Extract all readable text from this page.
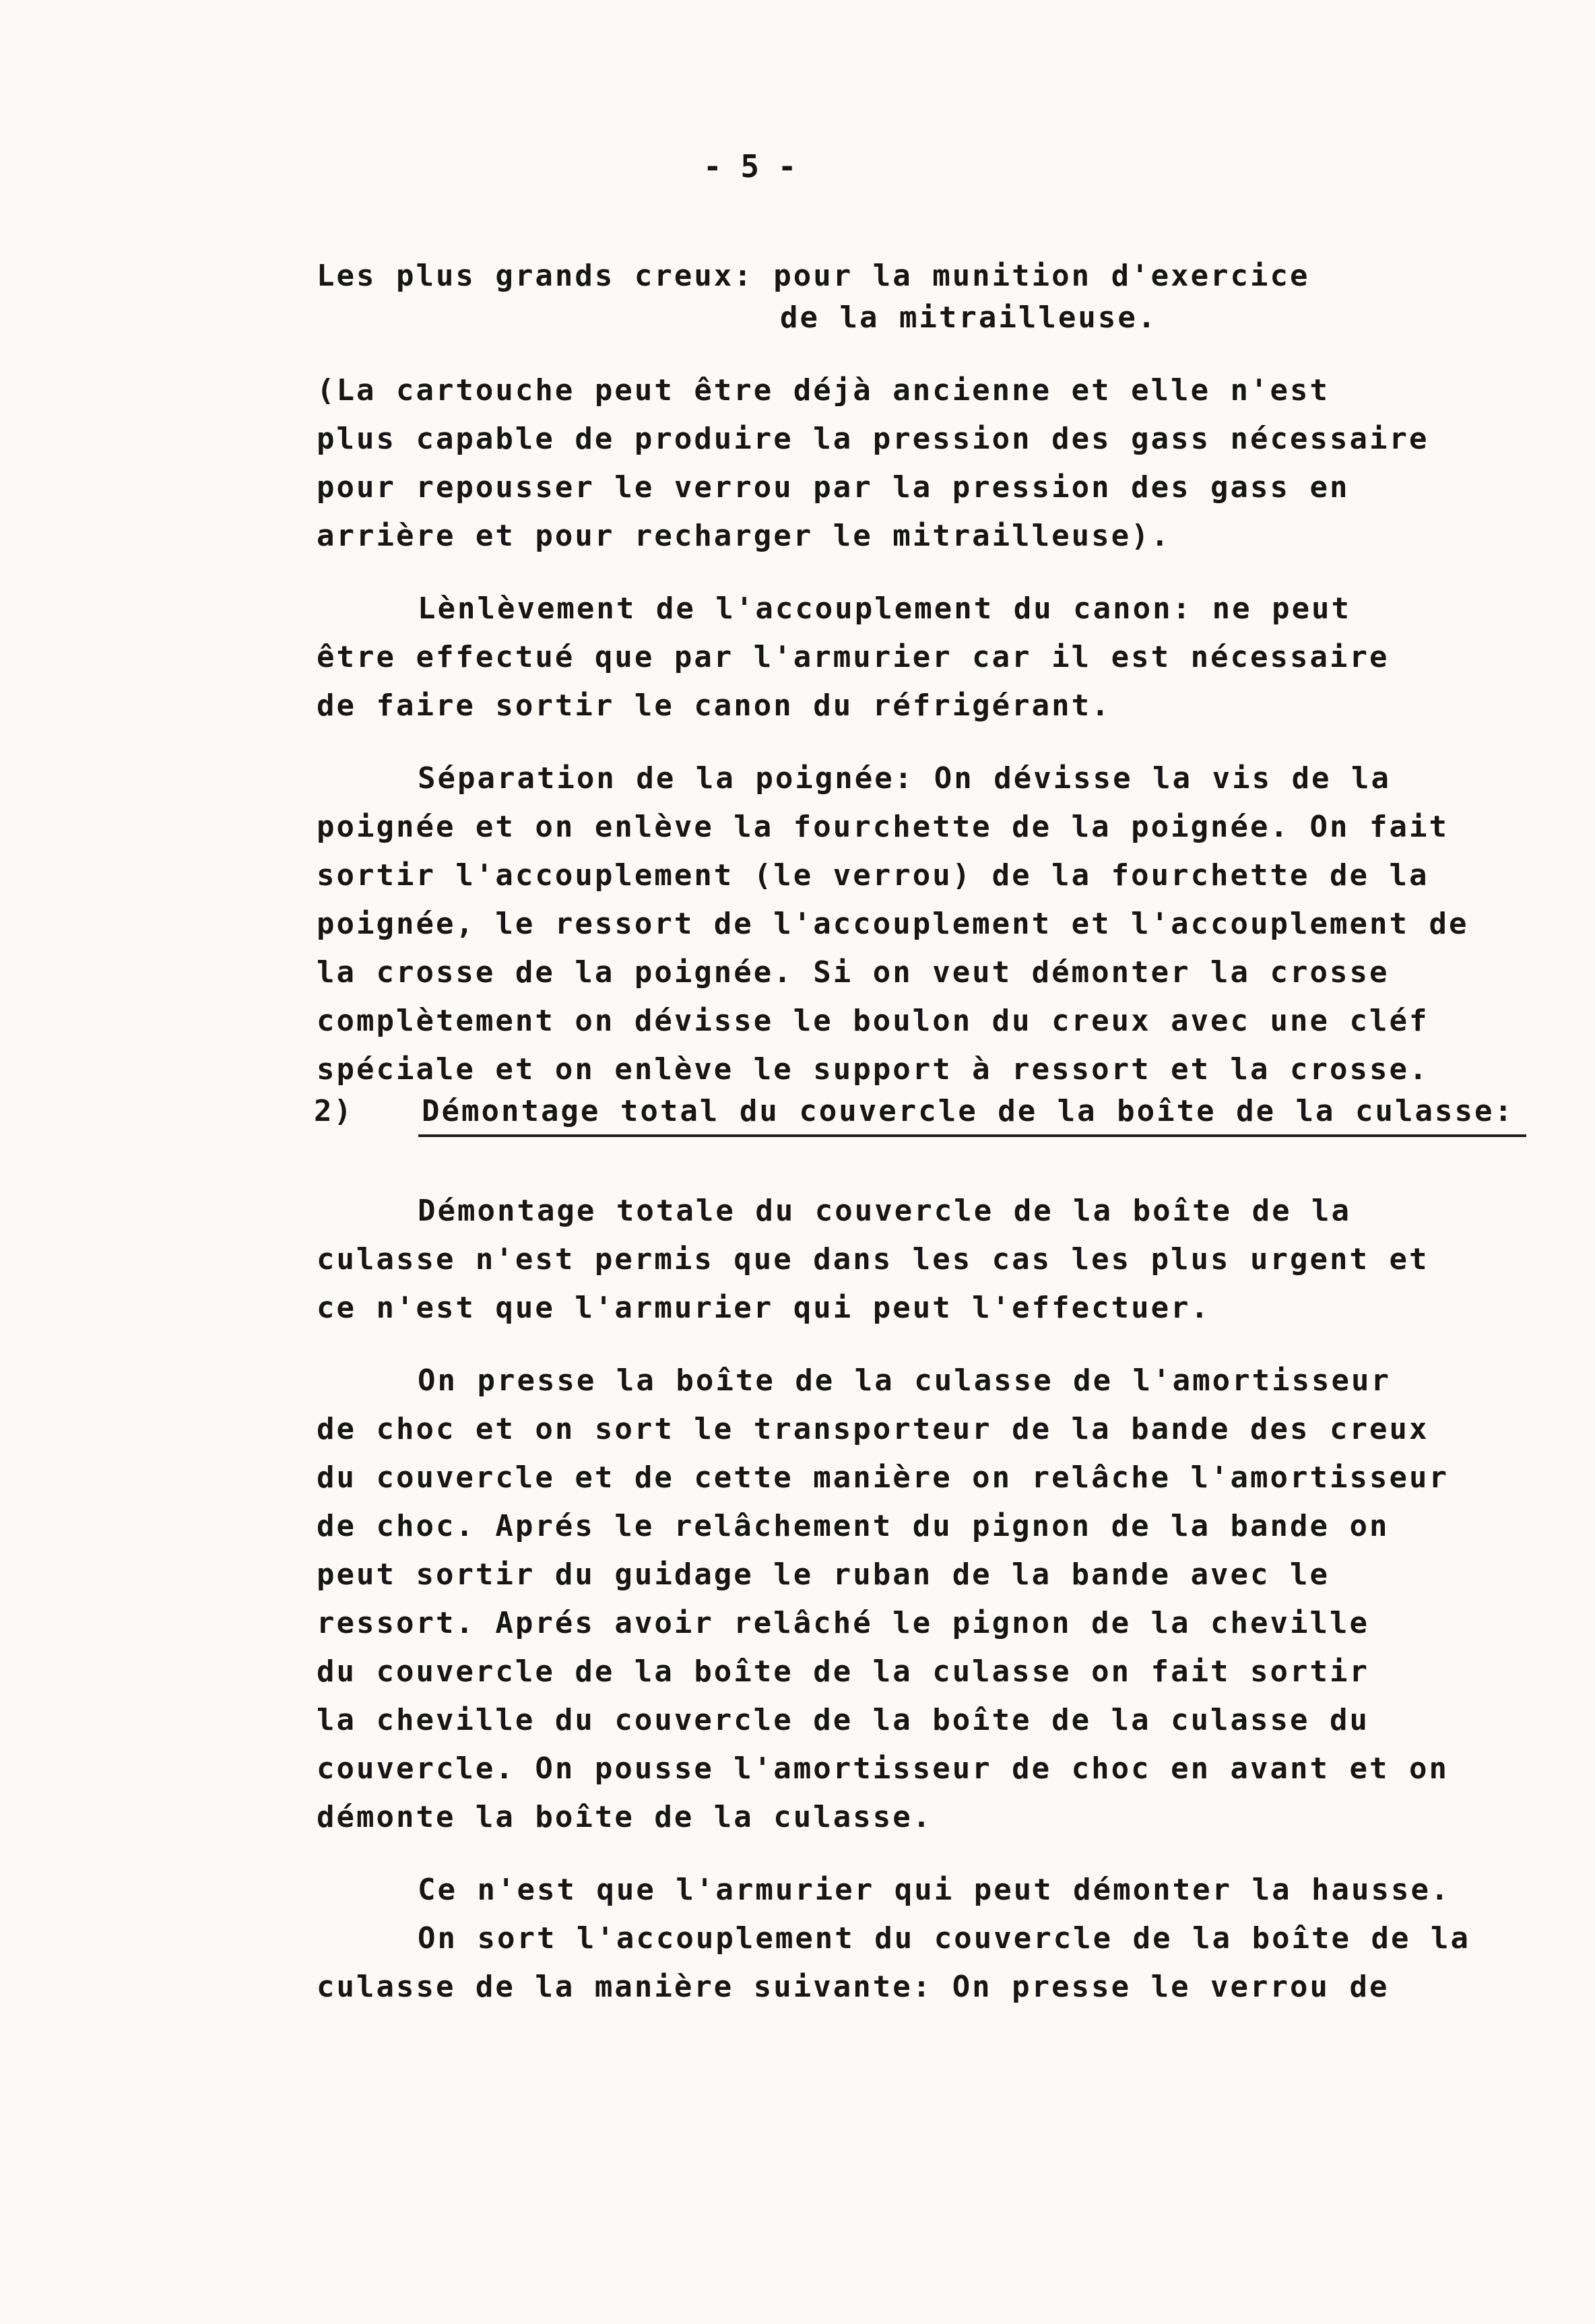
- 5 -
Les plus grands creux: pour la munition d'exercice
de la mitrailleuse.
(La cartouche peut être déjà ancienne et elle n'est
plus capable de produire la pression des gass nécessaire
pour repousser le verrou par la pression des gass en
arrière et pour recharger le mitrailleuse).
Lènlèvement de l'accouplement du canon: ne peut
être effectué que par l'armurier car il est nécessaire
de faire sortir le canon du réfrigérant.
Séparation de la poignée: On dévisse la vis de la
poignée et on enlève la fourchette de la poignée. On fait
sortir l'accouplement (le verrou) de la fourchette de la
poignée, le ressort de l'accouplement et l'accouplement de
la crosse de la poignée. Si on veut démonter la crosse
complètement on dévisse le boulon du creux avec une cléf
spéciale et on enlève le support à ressort et la crosse.
2) Démontage total du couvercle de la boîte de la culasse:
Démontage totale du couvercle de la boîte de la
culasse n'est permis que dans les cas les plus urgent et
ce n'est que l'armurier qui peut l'effectuer.
On presse la boîte de la culasse de l'amortisseur
de choc et on sort le transporteur de la bande des creux
du couvercle et de cette manière on relâche l'amortisseur
de choc. Aprés le relâchement du pignon de la bande on
peut sortir du guidage le ruban de la bande avec le
ressort. Aprés avoir relâché le pignon de la cheville
du couvercle de la boîte de la culasse on fait sortir
la cheville du couvercle de la boîte de la culasse du
couvercle. On pousse l'amortisseur de choc en avant et on
démonte la boîte de la culasse.
Ce n'est que l'armurier qui peut démonter la hausse.
On sort l'accouplement du couvercle de la boîte de la
culasse de la manière suivante: On presse le verrou de
